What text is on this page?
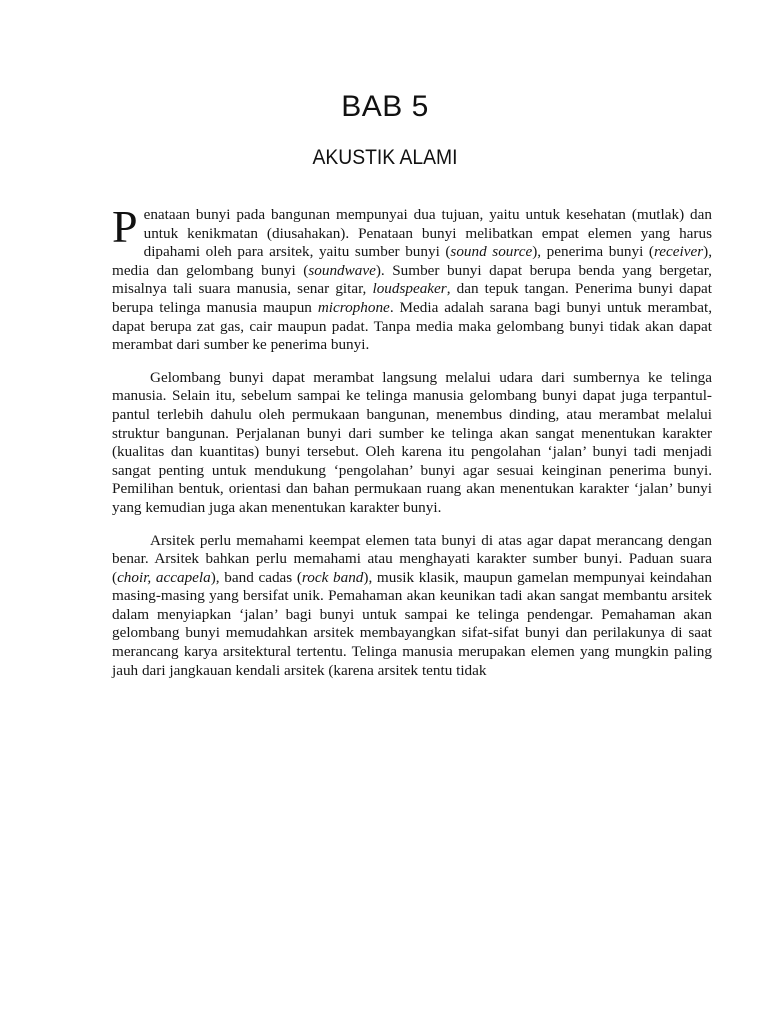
BAB 5
AKUSTIK ALAMI

Penataan bunyi pada bangunan mempunyai dua tujuan, yaitu untuk kesehatan (mutlak) dan untuk kenikmatan (diusahakan). Penataan bunyi melibatkan empat elemen yang harus dipahami oleh para arsitek, yaitu sumber bunyi (sound source), penerima bunyi (receiver), media dan gelombang bunyi (soundwave). Sumber bunyi dapat berupa benda yang bergetar, misalnya tali suara manusia, senar gitar, loudspeaker, dan tepuk tangan. Penerima bunyi dapat berupa telinga manusia maupun microphone. Media adalah sarana bagi bunyi untuk merambat, dapat berupa zat gas, cair maupun padat. Tanpa media maka gelombang bunyi tidak akan dapat merambat dari sumber ke penerima bunyi.

Gelombang bunyi dapat merambat langsung melalui udara dari sumbernya ke telinga manusia. Selain itu, sebelum sampai ke telinga manusia gelombang bunyi dapat juga terpantul-pantul terlebih dahulu oleh permukaan bangunan, menembus dinding, atau merambat melalui struktur bangunan. Perjalanan bunyi dari sumber ke telinga akan sangat menentukan karakter (kualitas dan kuantitas) bunyi tersebut. Oleh karena itu pengolahan ‘jalan’ bunyi tadi menjadi sangat penting untuk mendukung ‘pengolahan’ bunyi agar sesuai keinginan penerima bunyi. Pemilihan bentuk, orientasi dan bahan permukaan ruang akan menentukan karakter ‘jalan’ bunyi yang kemudian juga akan menentukan karakter bunyi.

Arsitek perlu memahami keempat elemen tata bunyi di atas agar dapat merancang dengan benar. Arsitek bahkan perlu memahami atau menghayati karakter sumber bunyi. Paduan suara (choir, accapela), band cadas (rock band), musik klasik, maupun gamelan mempunyai keindahan masing-masing yang bersifat unik. Pemahaman akan keunikan tadi akan sangat membantu arsitek dalam menyiapkan ‘jalan’ bagi bunyi untuk sampai ke telinga pendengar. Pemahaman akan gelombang bunyi memudahkan arsitek membayangkan sifat-sifat bunyi dan perilakunya di saat merancang karya arsitektural tertentu. Telinga manusia merupakan elemen yang mungkin paling jauh dari jangkauan kendali arsitek (karena arsitek tentu tidak
